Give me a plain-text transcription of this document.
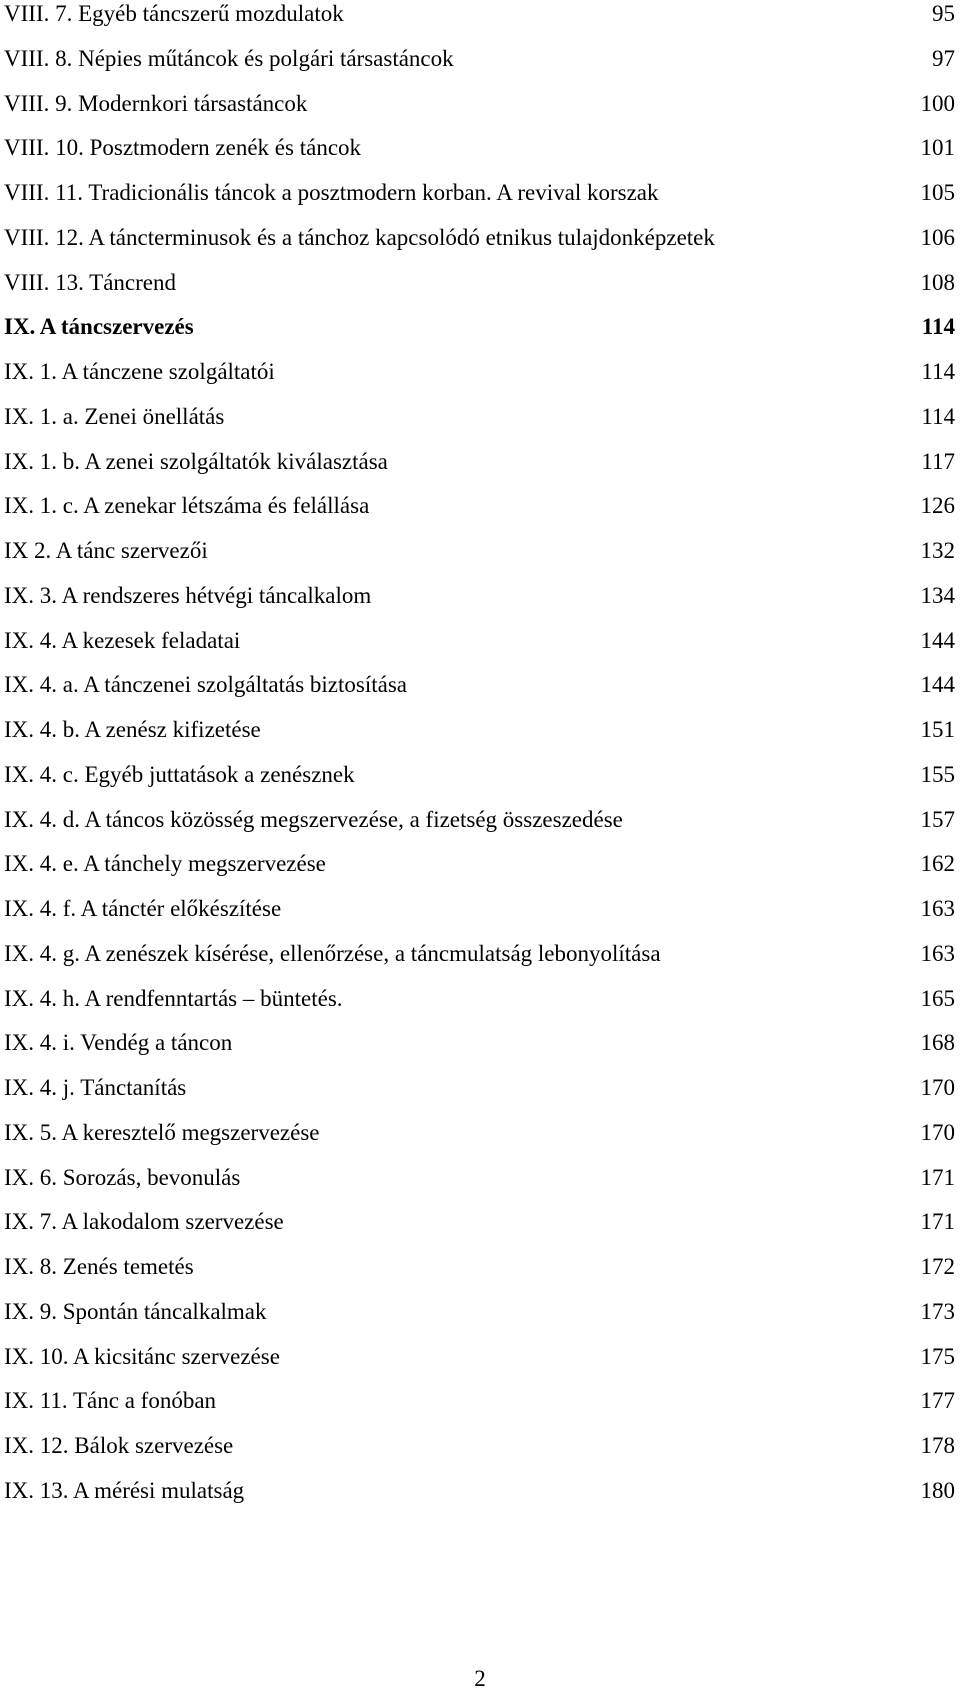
VIII. 7. Egyéb táncszerű mozdulatok	95
VIII. 8. Népies műtáncok és polgári társastáncok	97
VIII. 9. Modernkori társastáncok	100
VIII. 10. Posztmodern zenék és táncok	101
VIII. 11. Tradicionális táncok a posztmodern korban. A revival korszak	105
VIII. 12. A táncterminusok és a tánchoz kapcsolódó etnikus tulajdonképzetek	106
VIII. 13. Táncrend	108
IX. A táncszervezés	114
IX. 1. A tánczene szolgáltatói	114
IX. 1. a. Zenei önellátás	114
IX. 1. b. A zenei szolgáltatók kiválasztása	117
IX. 1. c. A zenekar létszáma és felállása	126
IX 2. A tánc szervezői	132
IX. 3. A rendszeres hétvégi táncalkalom	134
IX. 4. A kezesek feladatai	144
IX. 4. a. A tánczenei szolgáltatás biztosítása	144
IX. 4. b. A zenész kifizetése	151
IX. 4. c. Egyéb juttatások a zenésznek	155
IX. 4. d. A táncos közösség megszervezése, a fizetség összeszedése	157
IX. 4. e. A tánchely megszervezése	162
IX. 4. f. A tánctér előkészítése	163
IX. 4. g. A zenészek kísérése, ellenőrzése, a táncmulatság lebonyolítása	163
IX. 4. h. A rendfenntartás – büntetés.	165
IX. 4. i. Vendég a táncon	168
IX. 4. j. Tánctanítás	170
IX. 5. A keresztelő megszervezése	170
IX. 6. Sorozás, bevonulás	171
IX. 7. A lakodalom szervezése	171
IX. 8. Zenés temetés	172
IX. 9. Spontán táncalkalmak	173
IX. 10. A kicsitánc szervezése	175
IX. 11. Tánc a fonóban	177
IX. 12. Bálok szervezése	178
IX. 13. A mérési mulatság	180
2
